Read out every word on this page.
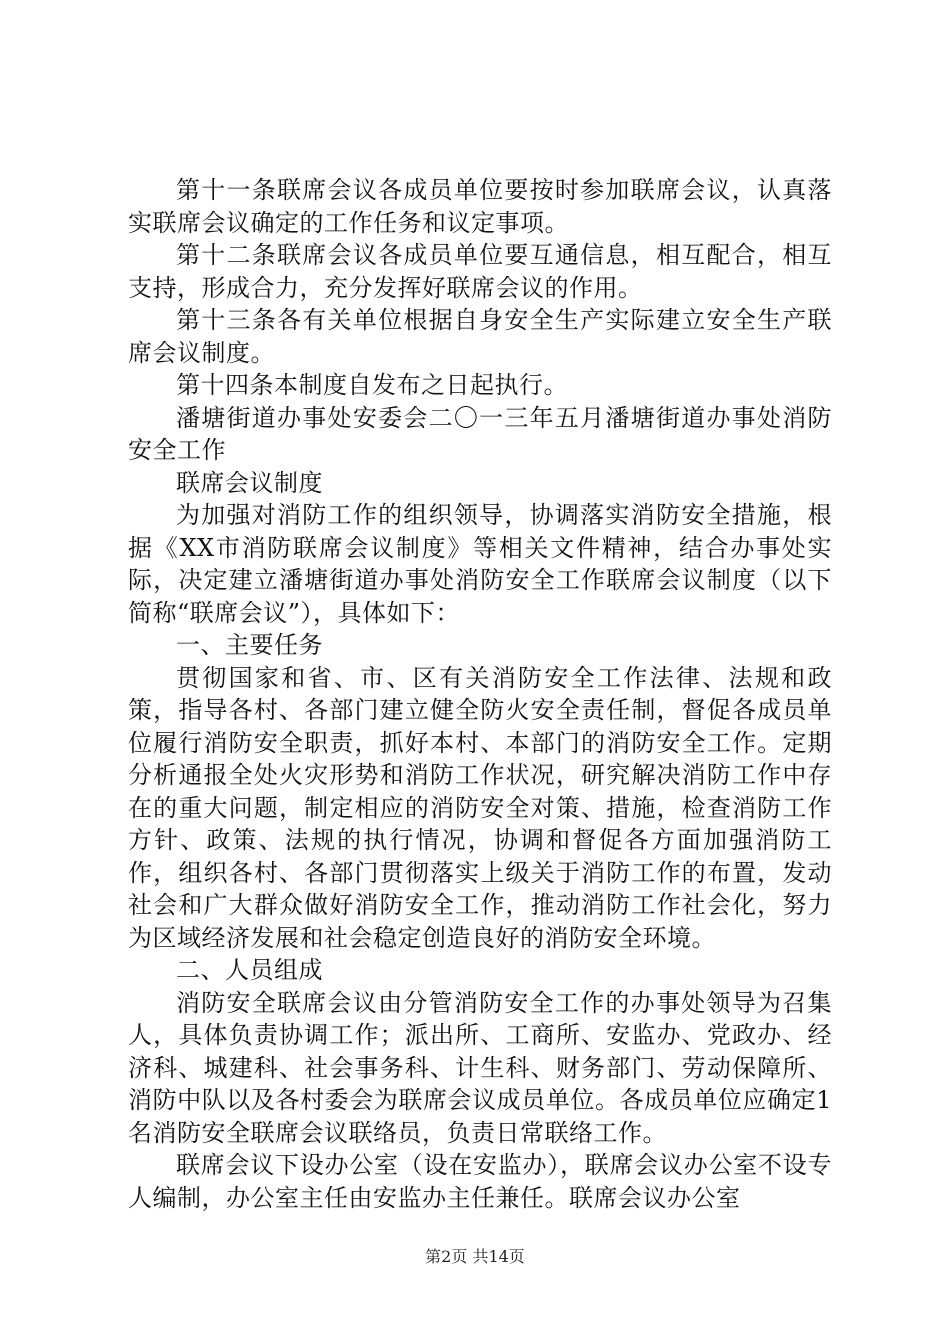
第十一条联席会议各成员单位要按时参加联席会议，认真落实联席会议确定的工作任务和议定事项。

第十二条联席会议各成员单位要互通信息，相互配合，相互支持，形成合力，充分发挥好联席会议的作用。

第十三条各有关单位根据自身安全生产实际建立安全生产联席会议制度。

第十四条本制度自发布之日起执行。

潘塘街道办事处安委会二〇一三年五月潘塘街道办事处消防安全工作

联席会议制度

为加强对消防工作的组织领导，协调落实消防安全措施，根据《XX市消防联席会议制度》等相关文件精神，结合办事处实际，决定建立潘塘街道办事处消防安全工作联席会议制度（以下简称“联席会议”），具体如下：

一、主要任务

贯彻国家和省、市、区有关消防安全工作法律、法规和政策，指导各村、各部门建立健全防火安全责任制，督促各成员单位履行消防安全职责，抓好本村、本部门的消防安全工作。定期分析通报全处火灾形势和消防工作状况，研究解决消防工作中存在的重大问题，制定相应的消防安全对策、措施，检查消防工作方针、政策、法规的执行情况，协调和督促各方面加强消防工作，组织各村、各部门贯彻落实上级关于消防工作的布置，发动社会和广大群众做好消防安全工作，推动消防工作社会化，努力为区域经济发展和社会稳定创造良好的消防安全环境。

二、人员组成

消防安全联席会议由分管消防安全工作的办事处领导为召集人，具体负责协调工作；派出所、工商所、安监办、党政办、经济科、城建科、社会事务科、计生科、财务部门、劳动保障所、消防中队以及各村委会为联席会议成员单位。各成员单位应确定1名消防安全联席会议联络员，负责日常联络工作。

联席会议下设办公室（设在安监办），联席会议办公室不设专人编制，办公室主任由安监办主任兼任。联席会议办公室

第2页 共14页
